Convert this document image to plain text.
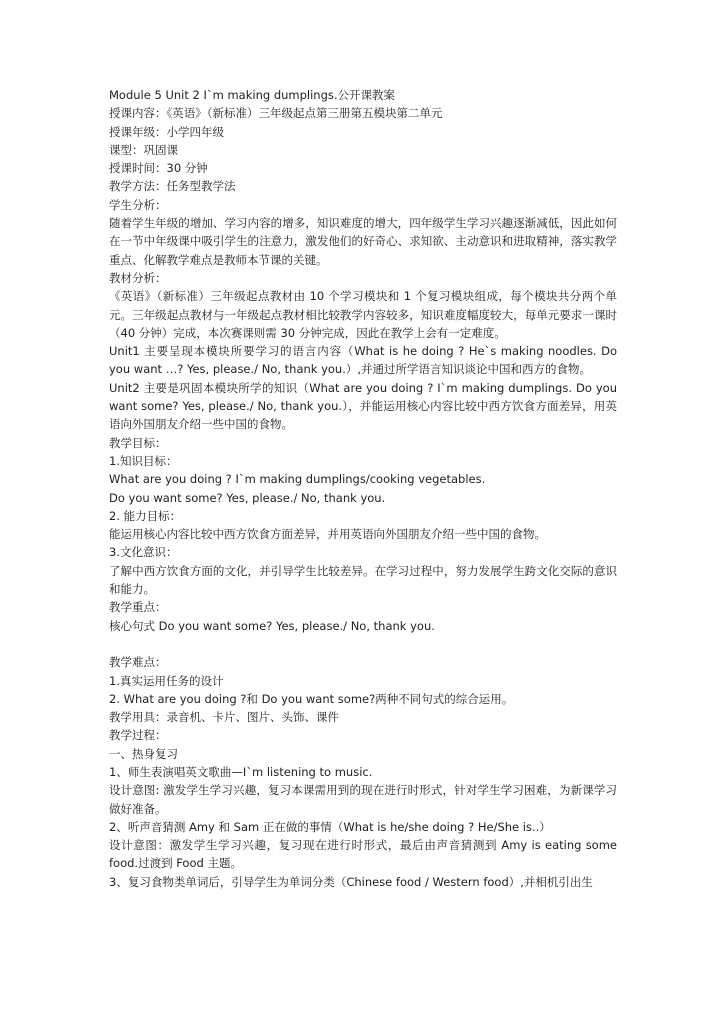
Module 5 Unit 2 I`m making dumplings.公开课教案
授课内容：《英语》（新标准）三年级起点第三册第五模块第二单元
授课年级：小学四年级
课型：巩固课
授课时间：30 分钟
教学方法：任务型教学法
学生分析：
随着学生年级的增加、学习内容的增多，知识难度的增大，四年级学生学习兴趣逐渐减低，因此如何在一节中年级课中吸引学生的注意力，激发他们的好奇心、求知欲、主动意识和进取精神，落实教学重点、化解教学难点是教师本节课的关键。
教材分析：
《英语》（新标准）三年级起点教材由 10 个学习模块和 1 个复习模块组成，每个模块共分两个单元。三年级起点教材与一年级起点教材相比较教学内容较多，知识难度幅度较大，每单元要求一课时（40 分钟）完成，本次赛课则需 30 分钟完成，因此在教学上会有一定难度。
Unit1 主要呈现本模块所要学习的语言内容（What is he doing ? He`s making noodles. Do you want …? Yes, please./ No, thank you.）,并通过所学语言知识谈论中国和西方的食物。
Unit2 主要是巩固本模块所学的知识（What are you doing ? I`m making dumplings. Do you want some? Yes, please./ No, thank you.），并能运用核心内容比较中西方饮食方面差异，用英语向外国朋友介绍一些中国的食物。
教学目标：
1.知识目标：
What are you doing ? I`m making dumplings/cooking vegetables.
Do you want some? Yes, please./ No, thank you.
2. 能力目标：
能运用核心内容比较中西方饮食方面差异，并用英语向外国朋友介绍一些中国的食物。
3.文化意识：
了解中西方饮食方面的文化，并引导学生比较差异。在学习过程中，努力发展学生跨文化交际的意识和能力。
教学重点：
核心句式 Do you want some? Yes, please./ No, thank you.
教学难点：
1.真实运用任务的设计
2. What are you doing ?和 Do you want some?两种不同句式的综合运用。
教学用具：录音机、卡片、图片、头饰、课件
教学过程：
一、热身复习
1、师生表演唱英文歌曲—I`m listening to music.
设计意图: 激发学生学习兴趣，复习本课需用到的现在进行时形式，针对学生学习困难，为新课学习做好准备。
2、听声音猜测 Amy 和 Sam 正在做的事情（What is he/she doing ? He/She is..）
设计意图：激发学生学习兴趣，复习现在进行时形式，最后由声音猜测到 Amy is eating some food.过渡到 Food 主题。
3、复习食物类单词后，引导学生为单词分类（Chinese food / Western food）,并相机引出生
